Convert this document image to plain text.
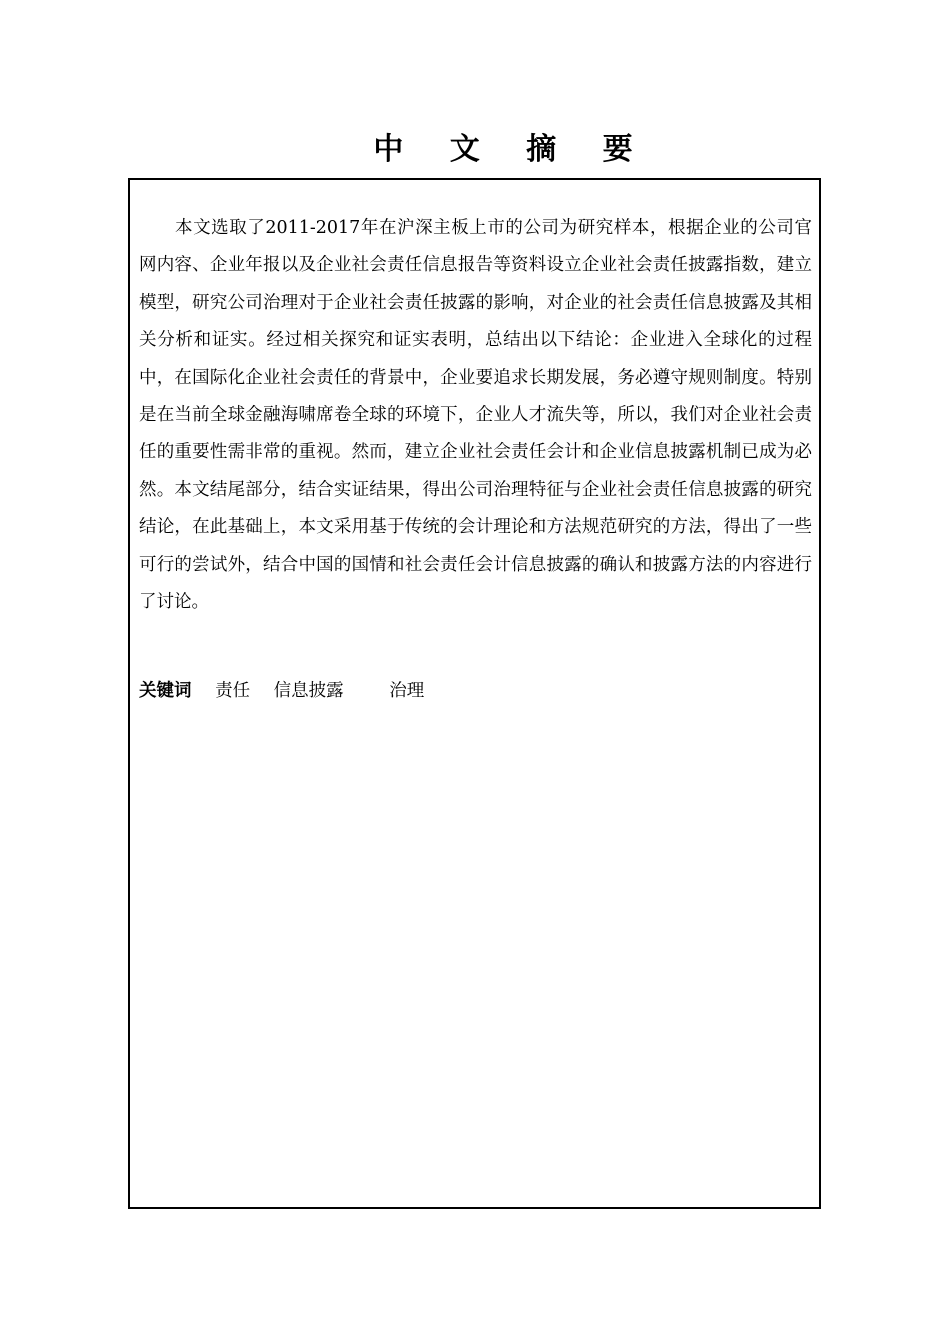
中 文 摘 要

本文选取了2011-2017年在沪深主板上市的公司为研究样本，根据企业的公司官网内容、企业年报以及企业社会责任信息报告等资料设立企业社会责任披露指数，建立模型，研究公司治理对于企业社会责任披露的影响，对企业的社会责任信息披露及其相关分析和证实。经过相关探究和证实表明，总结出以下结论：企业进入全球化的过程中，在国际化企业社会责任的背景中，企业要追求长期发展，务必遵守规则制度。特别是在当前全球金融海啸席卷全球的环境下，企业人才流失等，所以，我们对企业社会责任的重要性需非常的重视。然而，建立企业社会责任会计和企业信息披露机制已成为必然。本文结尾部分，结合实证结果，得出公司治理特征与企业社会责任信息披露的研究结论，在此基础上，本文采用基于传统的会计理论和方法规范研究的方法，得出了一些可行的尝试外，结合中国的国情和社会责任会计信息披露的确认和披露方法的内容进行了讨论。

关键词 责任 信息披露	治理
